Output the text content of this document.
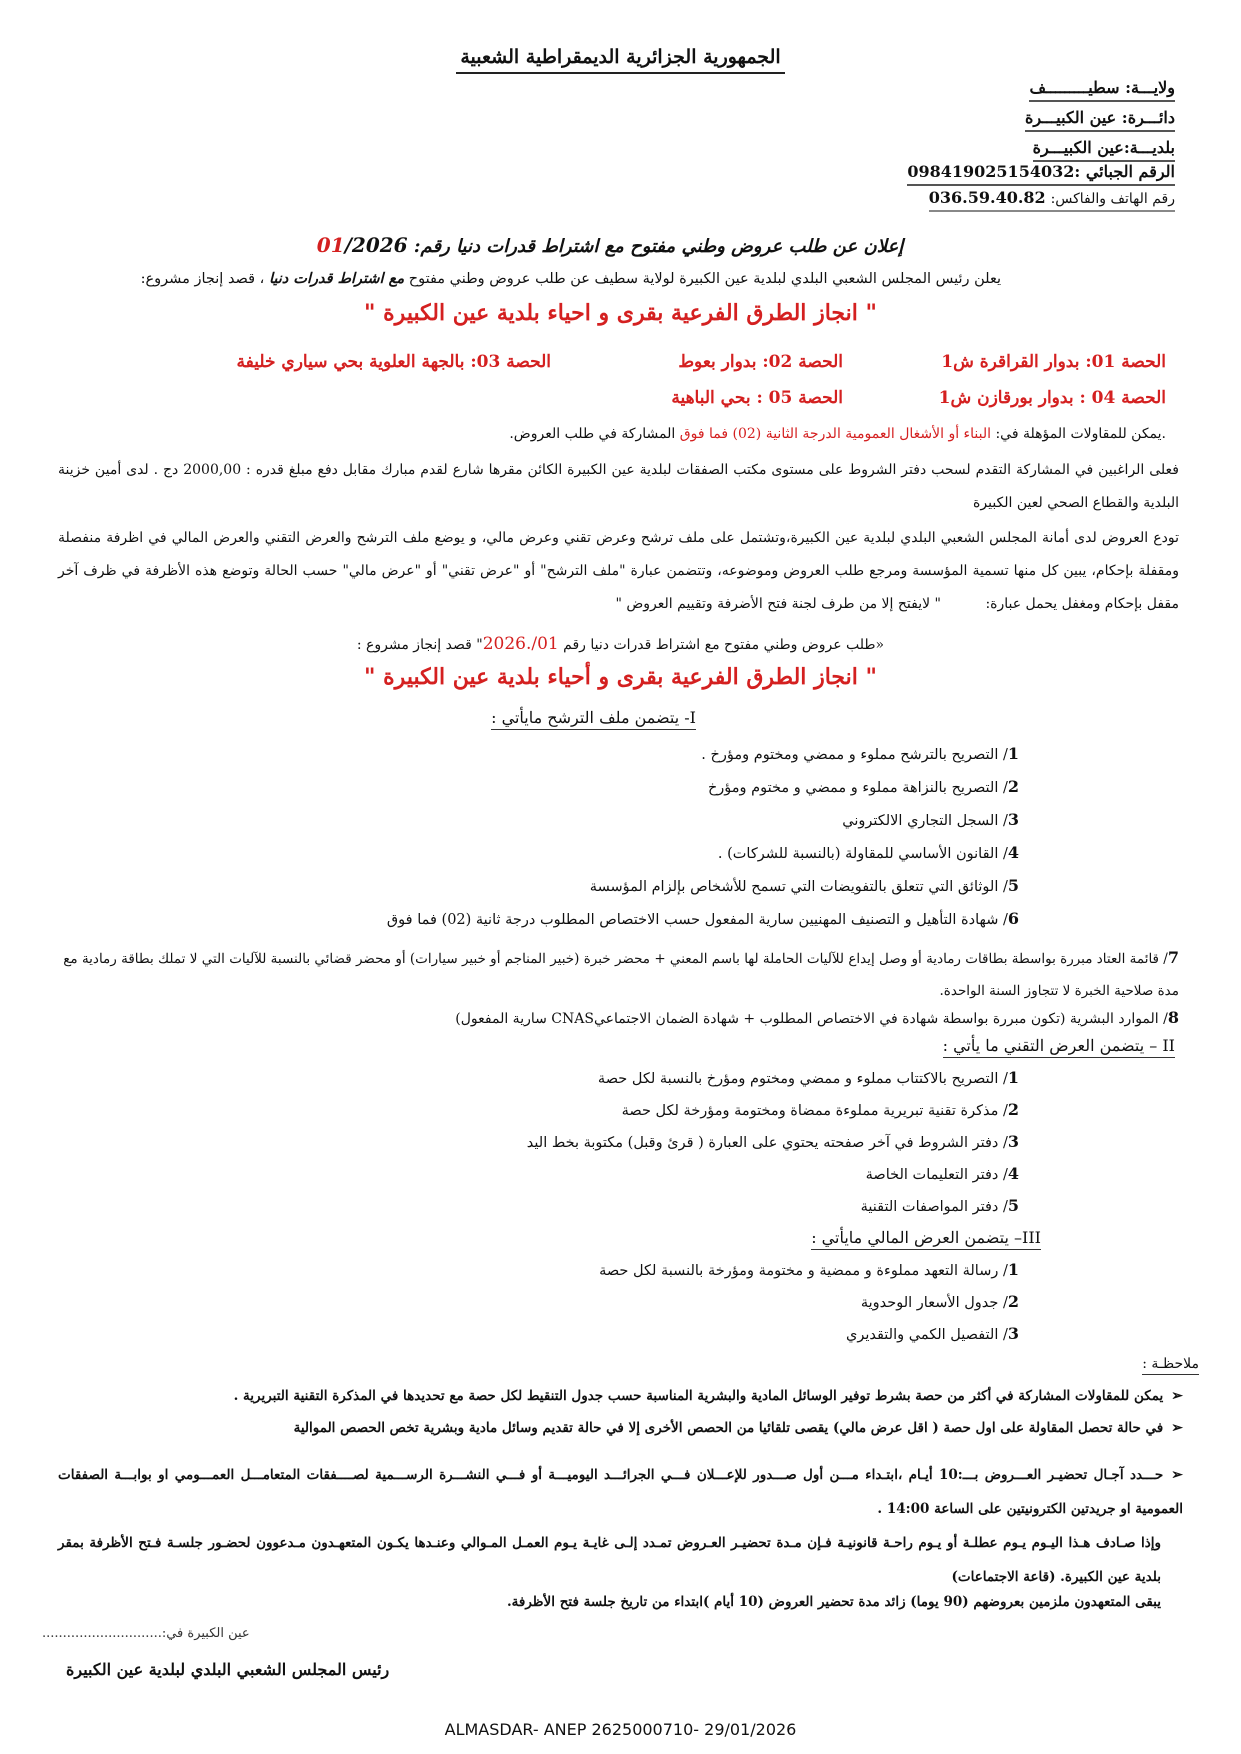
الجمهورية الجزائرية الديمقراطية الشعبية
ولايـــة: سطيـــــــــف
دائـــرة: عين الكبيـــرة
بلديـــة:عين الكبيـــرة
الرقم الجبائي :098419025154032
رقم الهاتف والفاكس: 036.59.40.82
إعلان عن طلب عروض وطني مفتوح مع اشتراط قدرات دنيا رقم: 01/2026
يعلن رئيس المجلس الشعبي البلدي لبلدية عين الكبيرة لولاية سطيف عن طلب عروض وطني مفتوح مع اشتراط قدرات دنيا ، قصد إنجاز مشروع:
" انجاز الطرق الفرعية بقرى و احياء بلدية عين الكبيرة "
الحصة 01: بدوار القراقرة ش1
الحصة 02: بدوار بعوط
الحصة 03: بالجهة العلوية بحي سياري خليفة
الحصة 04 : بدوار بورقازن ش1
الحصة 05 : بحي الباهية
.يمكن للمقاولات المؤهلة في: البناء أو الأشغال العمومية الدرجة الثانية (02) فما فوق المشاركة في طلب العروض.
فعلى الراغبين في المشاركة التقدم لسحب دفتر الشروط على مستوى مكتب الصفقات لبلدية عين الكبيرة الكائن مقرها شارع لقدم مبارك مقابل دفع مبلغ قدره : 2000,00 دج . لدى أمين خزينة البلدية والقطاع الصحي لعين الكبيرة
تودع العروض لدى أمانة المجلس الشعبي البلدي لبلدية عين الكبيرة،وتشتمل على ملف ترشح وعرض تقني وعرض مالي، و يوضع ملف الترشح والعرض التقني والعرض المالي في اظرفة منفصلة ومقفلة بإحكام، يبين كل منها تسمية المؤسسة ومرجع طلب العروض وموضوعه، وتتضمن عبارة "ملف الترشح" أو "عرض تقني" أو "عرض مالي" حسب الحالة وتوضع هذه الأظرفة في ظرف آخر مقفل بإحكام ومغفل يحمل عبارة: " لايفتح إلا من طرف لجنة فتح الأضرفة وتقييم العروض "
«طلب عروض وطني مفتوح مع اشتراط قدرات دنيا رقم 2026./01" قصد إنجاز مشروع :
" انجاز الطرق الفرعية بقرى و أحياء بلدية عين الكبيرة "
I- يتضمن ملف الترشح مايأتي :
1/ التصريح بالترشح مملوء و ممضي ومختوم ومؤرخ .
2/ التصريح بالنزاهة مملوء و ممضي و مختوم ومؤرخ
3/ السجل التجاري الالكتروني
4/ القانون الأساسي للمقاولة (بالنسبة للشركات) .
5/ الوثائق التي تتعلق بالتفويضات التي تسمح للأشخاص بإلزام المؤسسة
6/ شهادة التأهيل و التصنيف المهنيين سارية المفعول حسب الاختصاص المطلوب درجة ثانية (02) فما فوق
7/ قائمة العتاد مبررة بواسطة بطاقات رمادية أو وصل إيداع للآليات الحاملة لها باسم المعني + محضر خبرة (خبير المناجم أو خبير سيارات) أو محضر قضائي بالنسبة للآليات التي لا تملك بطاقة رمادية مع مدة صلاحية الخبرة لا تتجاوز السنة الواحدة.
8/ الموارد البشرية (تكون مبررة بواسطة شهادة في الاختصاص المطلوب + شهادة الضمان الاجتماعيCNAS سارية المفعول)
II – يتضمن العرض التقني ما يأتي :
1/ التصريح بالاكتتاب مملوء و ممضي ومختوم ومؤرخ بالنسبة لكل حصة
2/ مذكرة تقنية تبريرية مملوءة ممضاة ومختومة ومؤرخة لكل حصة
3/ دفتر الشروط في آخر صفحته يحتوي على العبارة ( قرئ وقبل) مكتوبة بخط اليد
4/ دفتر التعليمات الخاصة
5/ دفتر المواصفات التقنية
III– يتضمن العرض المالي مايأتي :
1/ رسالة التعهد مملوءة و ممضية و مختومة ومؤرخة بالنسبة لكل حصة
2/ جدول الأسعار الوحدوية
3/ التفصيل الكمي والتقديري
ملاحظـة :
➢يمكن للمقاولات المشاركة في أكثر من حصة بشرط توفير الوسائل المادية والبشرية المناسبة حسب جدول التنقيط لكل حصة مع تحديدها في المذكرة التقنية التبريرية .
➢في حالة تحصل المقاولة على اول حصة ( اقل عرض مالي) يقصى تلقائيا من الحصص الأخرى إلا في حالة تقديم وسائل مادية وبشرية تخص الحصص الموالية
➢حـــدد آجـال تحضيـر العـــروض بـــ:10 أيـام ،ابتـداء مـــن أول صـــدور للإعـــلان فـــي الجرائـــد اليوميـــة أو فـــي النشـــرة الرســـمية لصــــفقات المتعامـــل العمـــومي او بوابـــة الصفقات العمومية او جريدتين الكترونيتين على الساعة 14:00 .
وإذا صـادف هـذا اليـوم يـوم عطلـة أو يـوم راحـة قانونيـة فـإن مـدة تحضيـر العـروض تمـدد إلـى غايـة يـوم العمـل المـوالي وعنـدها يكـون المتعهـدون مـدعوون لحضـور جلسـة فـتح الأظرفة بمقر بلدية عين الكبيرة. (قاعة الاجتماعات)
يبقى المتعهدون ملزمين بعروضهم (90 يوما) زائد مدة تحضير العروض (10 أيام )ابتداء من تاريخ جلسة فتح الأظرفة.
عين الكبيرة في:.............................
رئيس المجلس الشعبي البلدي لبلدية عين الكبيرة
ALMASDAR- ANEP 2625000710- 29/01/2026
